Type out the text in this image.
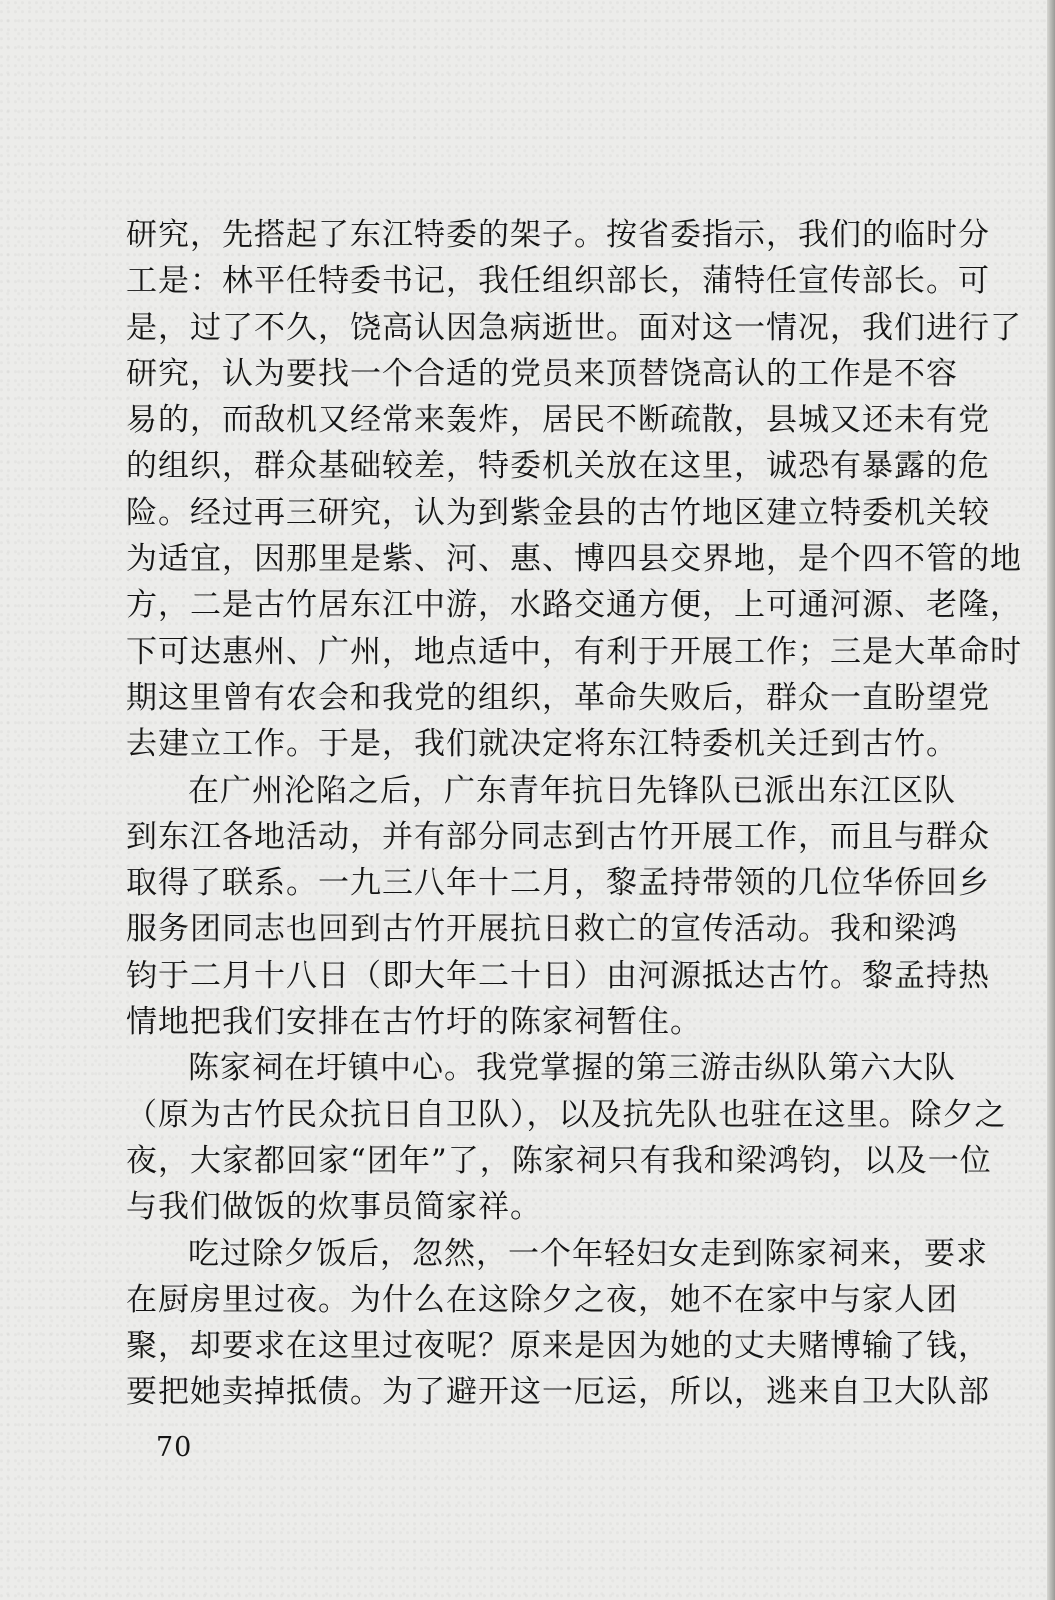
研究，先搭起了东江特委的架子。按省委指示，我们的临时分
工是：林平任特委书记，我任组织部长，蒲特任宣传部长。可
是，过了不久，饶高认因急病逝世。面对这一情况，我们进行了
研究，认为要找一个合适的党员来顶替饶高认的工作是不容
易的，而敌机又经常来轰炸，居民不断疏散，县城又还未有党
的组织，群众基础较差，特委机关放在这里，诚恐有暴露的危
险。经过再三研究，认为到紫金县的古竹地区建立特委机关较
为适宜，因那里是紫、河、惠、博四县交界地，是个四不管的地
方，二是古竹居东江中游，水路交通方便，上可通河源、老隆，
下可达惠州、广州，地点适中，有利于开展工作；三是大革命时
期这里曾有农会和我党的组织，革命失败后，群众一直盼望党
去建立工作。于是，我们就决定将东江特委机关迁到古竹。
在广州沦陷之后，广东青年抗日先锋队已派出东江区队
到东江各地活动，并有部分同志到古竹开展工作，而且与群众
取得了联系。一九三八年十二月，黎孟持带领的几位华侨回乡
服务团同志也回到古竹开展抗日救亡的宣传活动。我和梁鸿
钧于二月十八日（即大年二十日）由河源抵达古竹。黎孟持热
情地把我们安排在古竹圩的陈家祠暂住。
陈家祠在圩镇中心。我党掌握的第三游击纵队第六大队
（原为古竹民众抗日自卫队），以及抗先队也驻在这里。除夕之
夜，大家都回家“团年”了，陈家祠只有我和梁鸿钧，以及一位
与我们做饭的炊事员简家祥。
吃过除夕饭后，忽然，一个年轻妇女走到陈家祠来，要求
在厨房里过夜。为什么在这除夕之夜，她不在家中与家人团
聚，却要求在这里过夜呢？原来是因为她的丈夫赌博输了钱，
要把她卖掉抵债。为了避开这一厄运，所以，逃来自卫大队部
70
